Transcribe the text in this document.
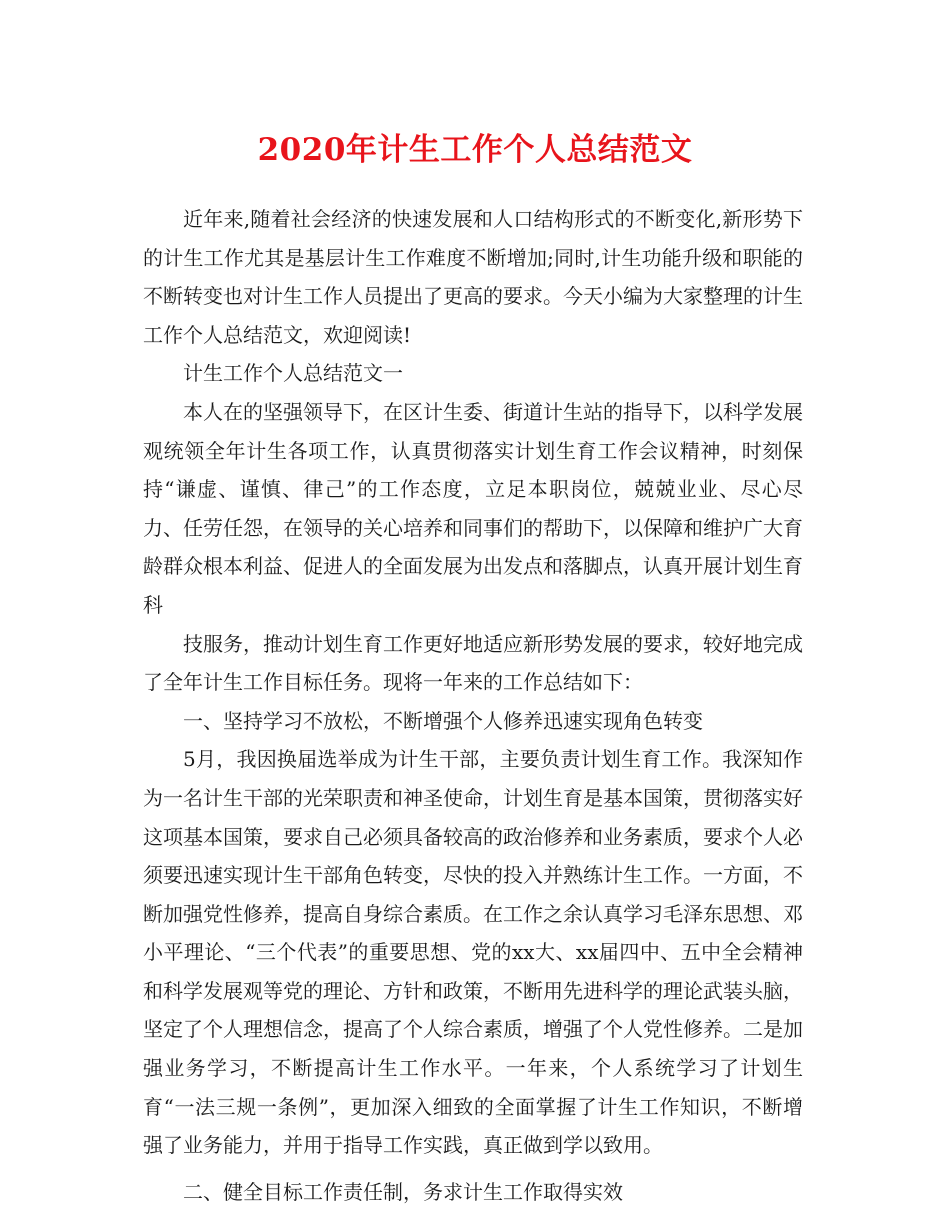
2020年计生工作个人总结范文

近年来,随着社会经济的快速发展和人口结构形式的不断变化,新形势下的计生工作尤其是基层计生工作难度不断增加;同时,计生功能升级和职能的不断转变也对计生工作人员提出了更高的要求。今天小编为大家整理的计生工作个人总结范文，欢迎阅读!

计生工作个人总结范文一

本人在的坚强领导下，在区计生委、街道计生站的指导下，以科学发展观统领全年计生各项工作，认真贯彻落实计划生育工作会议精神，时刻保持“谦虚、谨慎、律己”的工作态度，立足本职岗位，兢兢业业、尽心尽力、任劳任怨，在领导的关心培养和同事们的帮助下，以保障和维护广大育龄群众根本利益、促进人的全面发展为出发点和落脚点，认真开展计划生育科

技服务，推动计划生育工作更好地适应新形势发展的要求，较好地完成了全年计生工作目标任务。现将一年来的工作总结如下：

一、坚持学习不放松，不断增强个人修养迅速实现角色转变

5月，我因换届选举成为计生干部，主要负责计划生育工作。我深知作为一名计生干部的光荣职责和神圣使命，计划生育是基本国策，贯彻落实好这项基本国策，要求自己必须具备较高的政治修养和业务素质，要求个人必须要迅速实现计生干部角色转变，尽快的投入并熟练计生工作。一方面，不断加强党性修养，提高自身综合素质。在工作之余认真学习毛泽东思想、邓小平理论、“三个代表”的重要思想、党的xx大、xx届四中、五中全会精神和科学发展观等党的理论、方针和政策，不断用先进科学的理论武装头脑，坚定了个人理想信念，提高了个人综合素质，增强了个人党性修养。二是加强业务学习，不断提高计生工作水平。一年来，个人系统学习了计划生育“一法三规一条例”，更加深入细致的全面掌握了计生工作知识，不断增强了业务能力，并用于指导工作实践，真正做到学以致用。

二、健全目标工作责任制，务求计生工作取得实效
